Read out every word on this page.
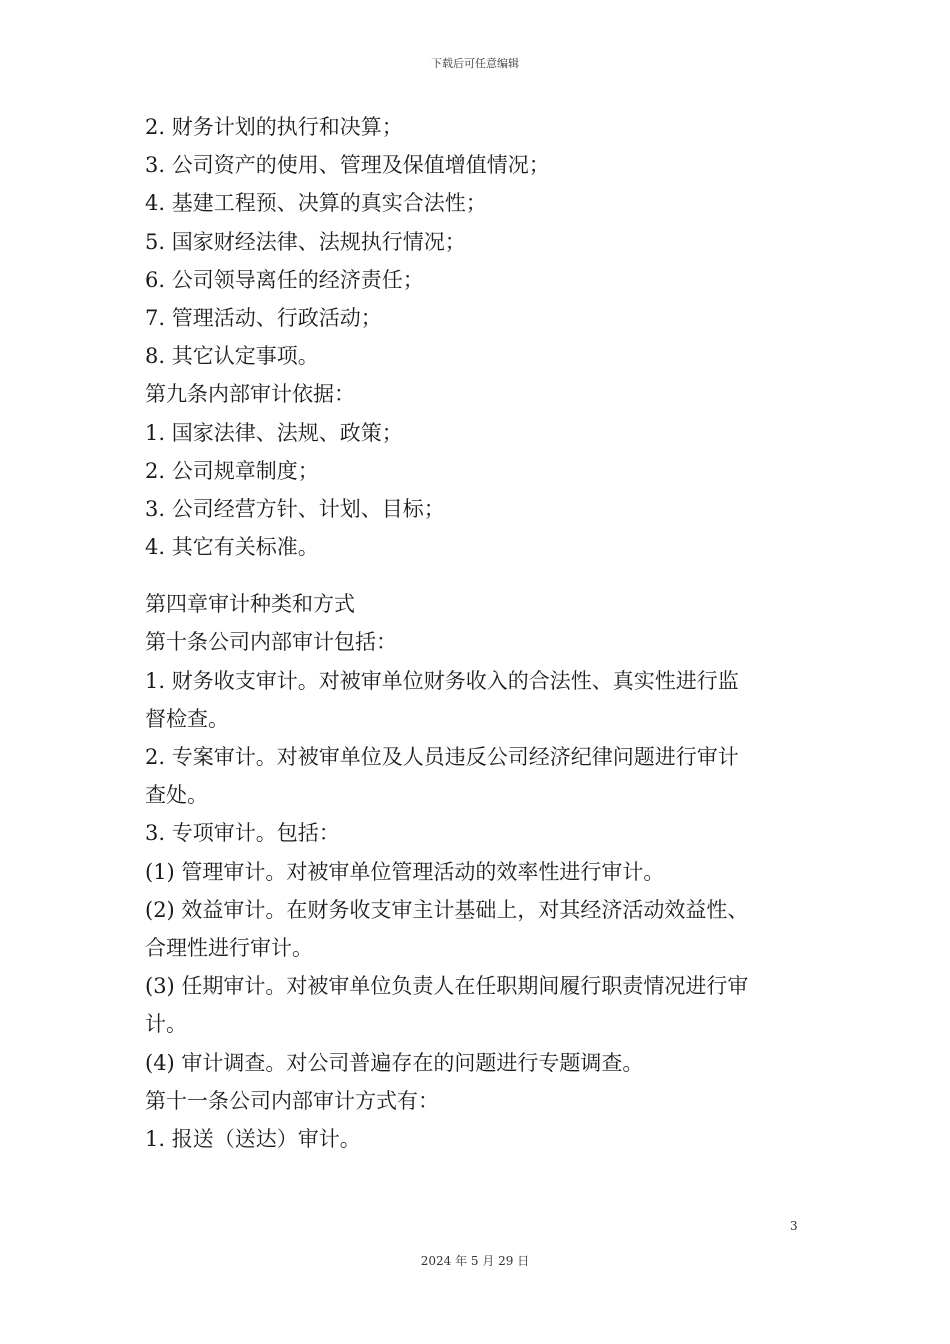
下载后可任意编辑
2. 财务计划的执行和决算；
3. 公司资产的使用、管理及保值增值情况；
4. 基建工程预、决算的真实合法性；
5. 国家财经法律、法规执行情况；
6. 公司领导离任的经济责任；
7. 管理活动、行政活动；
8. 其它认定事项。
第九条内部审计依据：
1. 国家法律、法规、政策；
2. 公司规章制度；
3. 公司经营方针、计划、目标；
4. 其它有关标准。
第四章审计种类和方式
第十条公司内部审计包括：
1. 财务收支审计。对被审单位财务收入的合法性、真实性进行监
督检查。
2. 专案审计。对被审单位及人员违反公司经济纪律问题进行审计
查处。
3. 专项审计。包括：
(1) 管理审计。对被审单位管理活动的效率性进行审计。
(2) 效益审计。在财务收支审主计基础上，对其经济活动效益性、
合理性进行审计。
(3) 任期审计。对被审单位负责人在任职期间履行职责情况进行审
计。
(4) 审计调查。对公司普遍存在的问题进行专题调查。
第十一条公司内部审计方式有：
1. 报送（送达）审计。
3
2024 年 5 月 29 日
